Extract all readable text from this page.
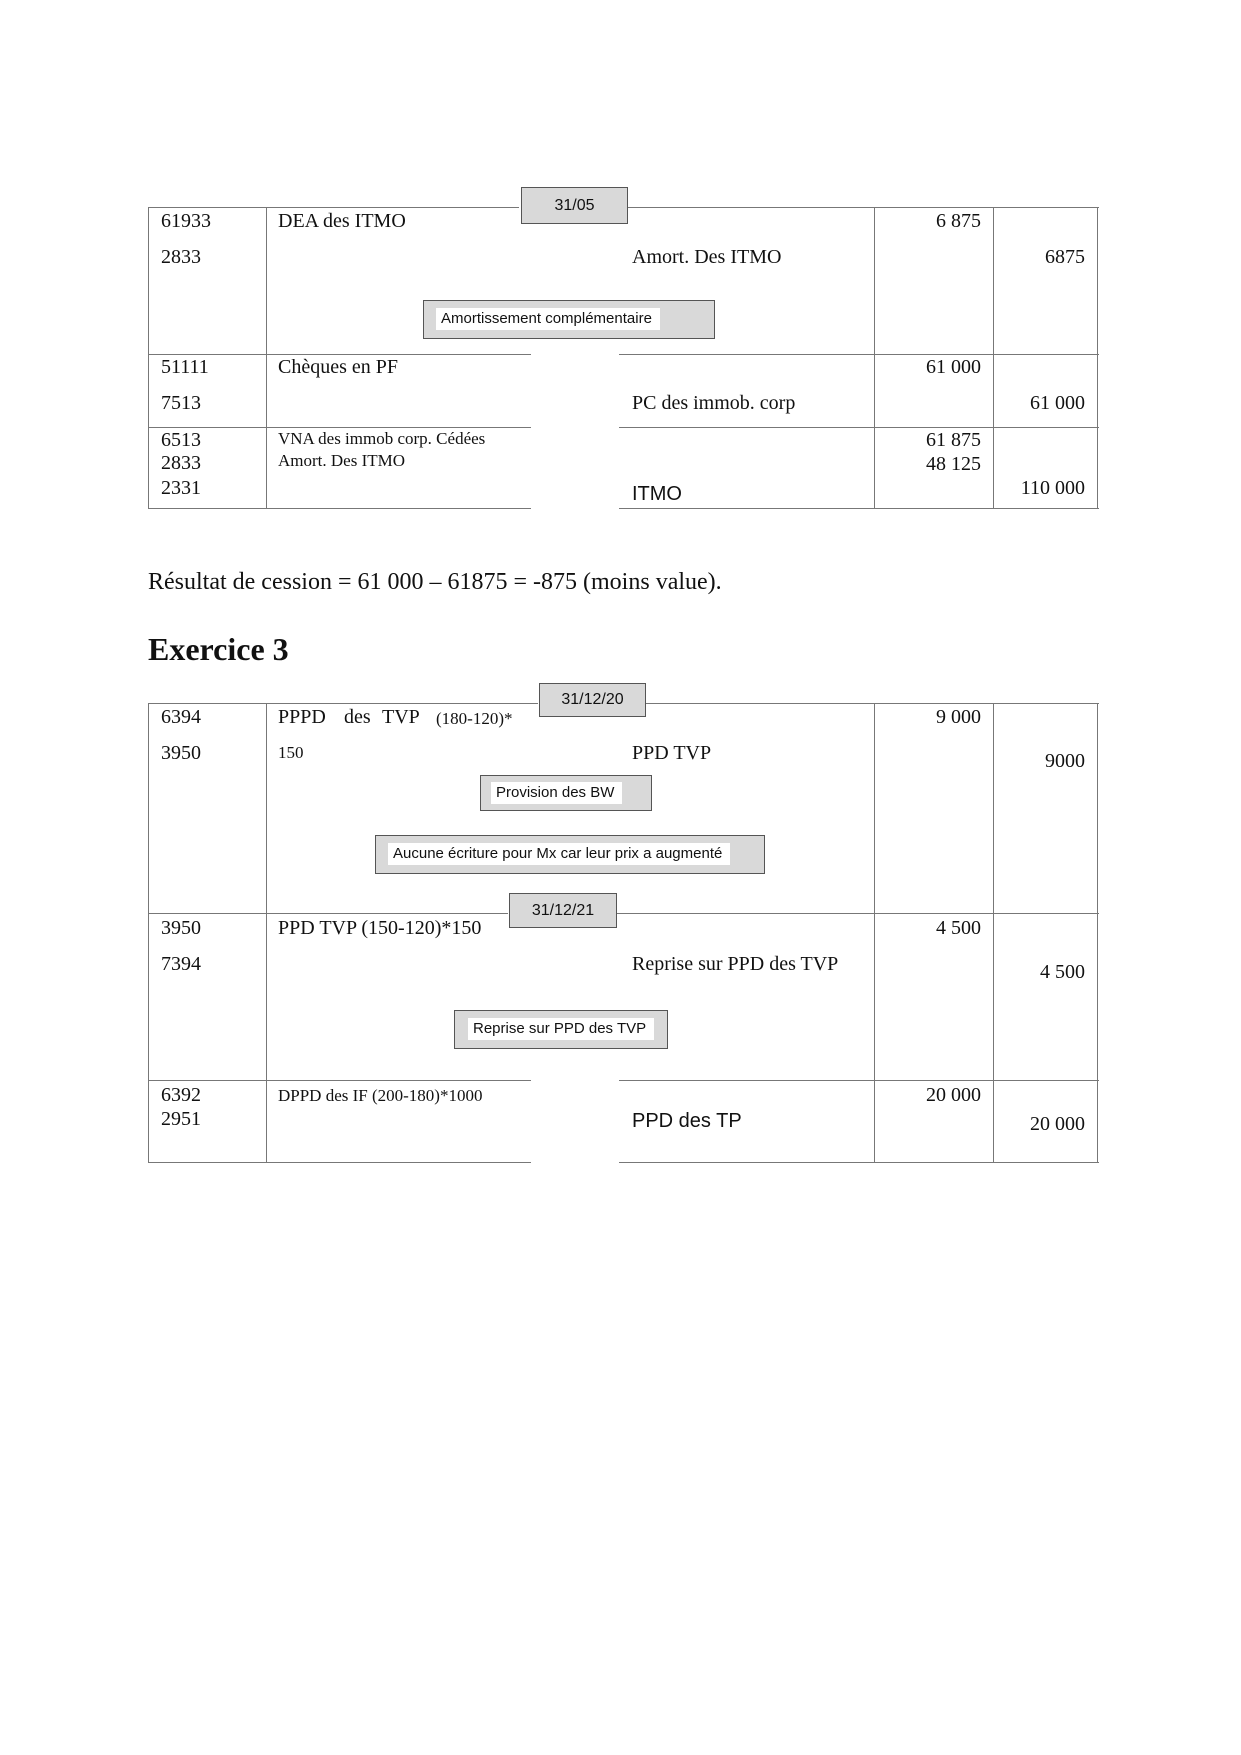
31/05
61933
2833
DEA des ITMO
Amort. Des ITMO
6 875
6875
Amortissement complémentaire
51111
7513
Chèques en PF
PC des immob. corp
61 000
61 000
6513
2833
2331
VNA des immob corp. Cédées
Amort. Des ITMO
ITMO
61 875
48 125
110 000
Résultat de cession = 61 000 – 61875 = -875 (moins value).
Exercice 3
31/12/20
31/12/21
6394
3950
PPPD des TVP (180-120)*
150	PPD TVP
9 000
9000
Provision des BW
Aucune écriture pour Mx car leur prix a augmenté
3950
7394
PPD TVP (150-120)*150
Reprise sur PPD des TVP
4 500
4 500
Reprise sur PPD des TVP
6392
2951
DPPD des IF (200-180)*1000
PPD des TP
20 000
20 000
